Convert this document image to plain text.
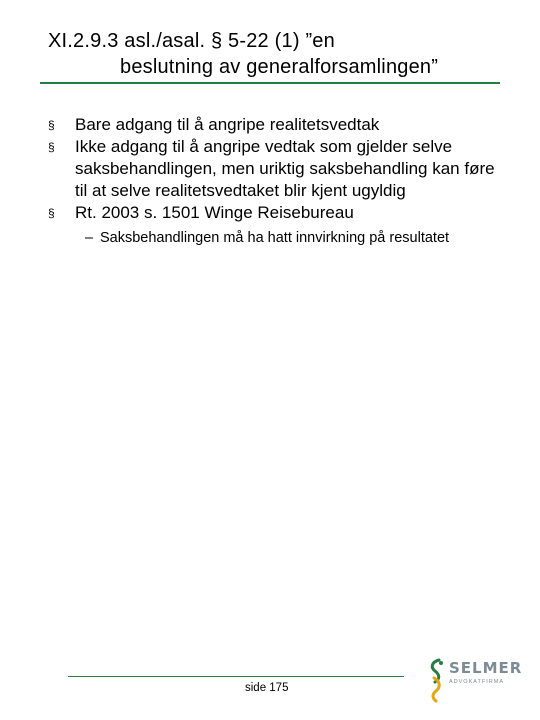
XI.2.9.3 asl./asal. § 5-22 (1) ”en
beslutning av generalforsamlingen”
§ Bare adgang til å angripe realitetsvedtak
§ Ikke adgang til å angripe vedtak som gjelder selve saksbehandlingen, men uriktig saksbehandling kan føre til at selve realitetsvedtaket blir kjent ugyldig
§ Rt. 2003 s. 1501 Winge Reisebureau
– Saksbehandlingen må ha hatt innvirkning på resultatet
side 175
SELMER
ADVOKATFIRMA
